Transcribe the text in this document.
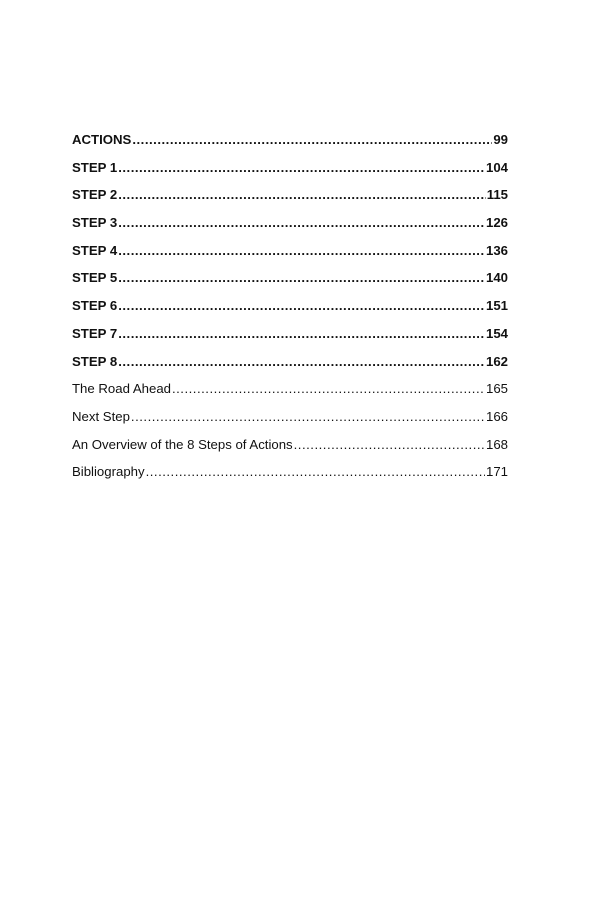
ACTIONS .....	99
STEP 1 .....	104
STEP 2 .....	115
STEP 3 .....	126
STEP 4 .....	136
STEP 5 .....	140
STEP 6 .....	151
STEP 7 .....	154
STEP 8 .....	162
The Road Ahead .....	165
Next Step .....	166
An Overview of the 8 Steps of Actions .....	168
Bibliography .....	171
